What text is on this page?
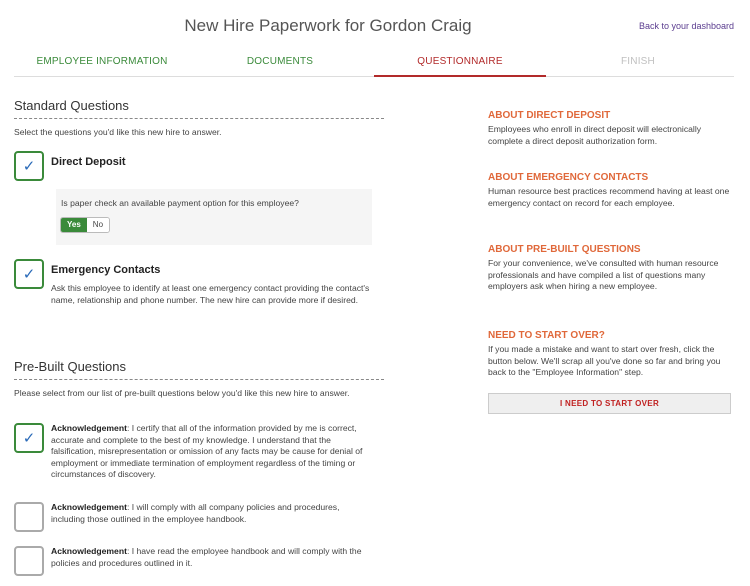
New Hire Paperwork for Gordon Craig	Back to your dashboard
EMPLOYEE INFORMATION	DOCUMENTS	QUESTIONNAIRE	FINISH
Standard Questions
Select the questions you'd like this new hire to answer.
✓	Direct Deposit
Is paper check an available payment option for this employee?
Yes	No
✓	Emergency Contacts
Ask this employee to identify at least one emergency contact providing the contact's name, relationship and phone number. The new hire can provide more if desired.
Pre-Built Questions
Please select from our list of pre-built questions below you'd like this new hire to answer.
✓
Acknowledgement: I certify that all of the information provided by me is correct, accurate and complete to the best of my knowledge. I understand that the falsification, misrepresentation or omission of any facts may be cause for denial of employment or immediate termination of employment regardless of the timing or circumstances of discovery.
Acknowledgement: I will comply with all company policies and procedures, including those outlined in the employee handbook.
Acknowledgement: I have read the employee handbook and will comply with the policies and procedures outlined in it.
ABOUT DIRECT DEPOSIT
Employees who enroll in direct deposit will electronically complete a direct deposit authorization form.
ABOUT EMERGENCY CONTACTS
Human resource best practices recommend having at least one emergency contact on record for each employee.
ABOUT PRE-BUILT QUESTIONS
For your convenience, we've consulted with human resource professionals and have compiled a list of questions many employers ask when hiring a new employee.
NEED TO START OVER?
If you made a mistake and want to start over fresh, click the button below. We'll scrap all you've done so far and bring you back to the "Employee Information" step.
I NEED TO START OVER
